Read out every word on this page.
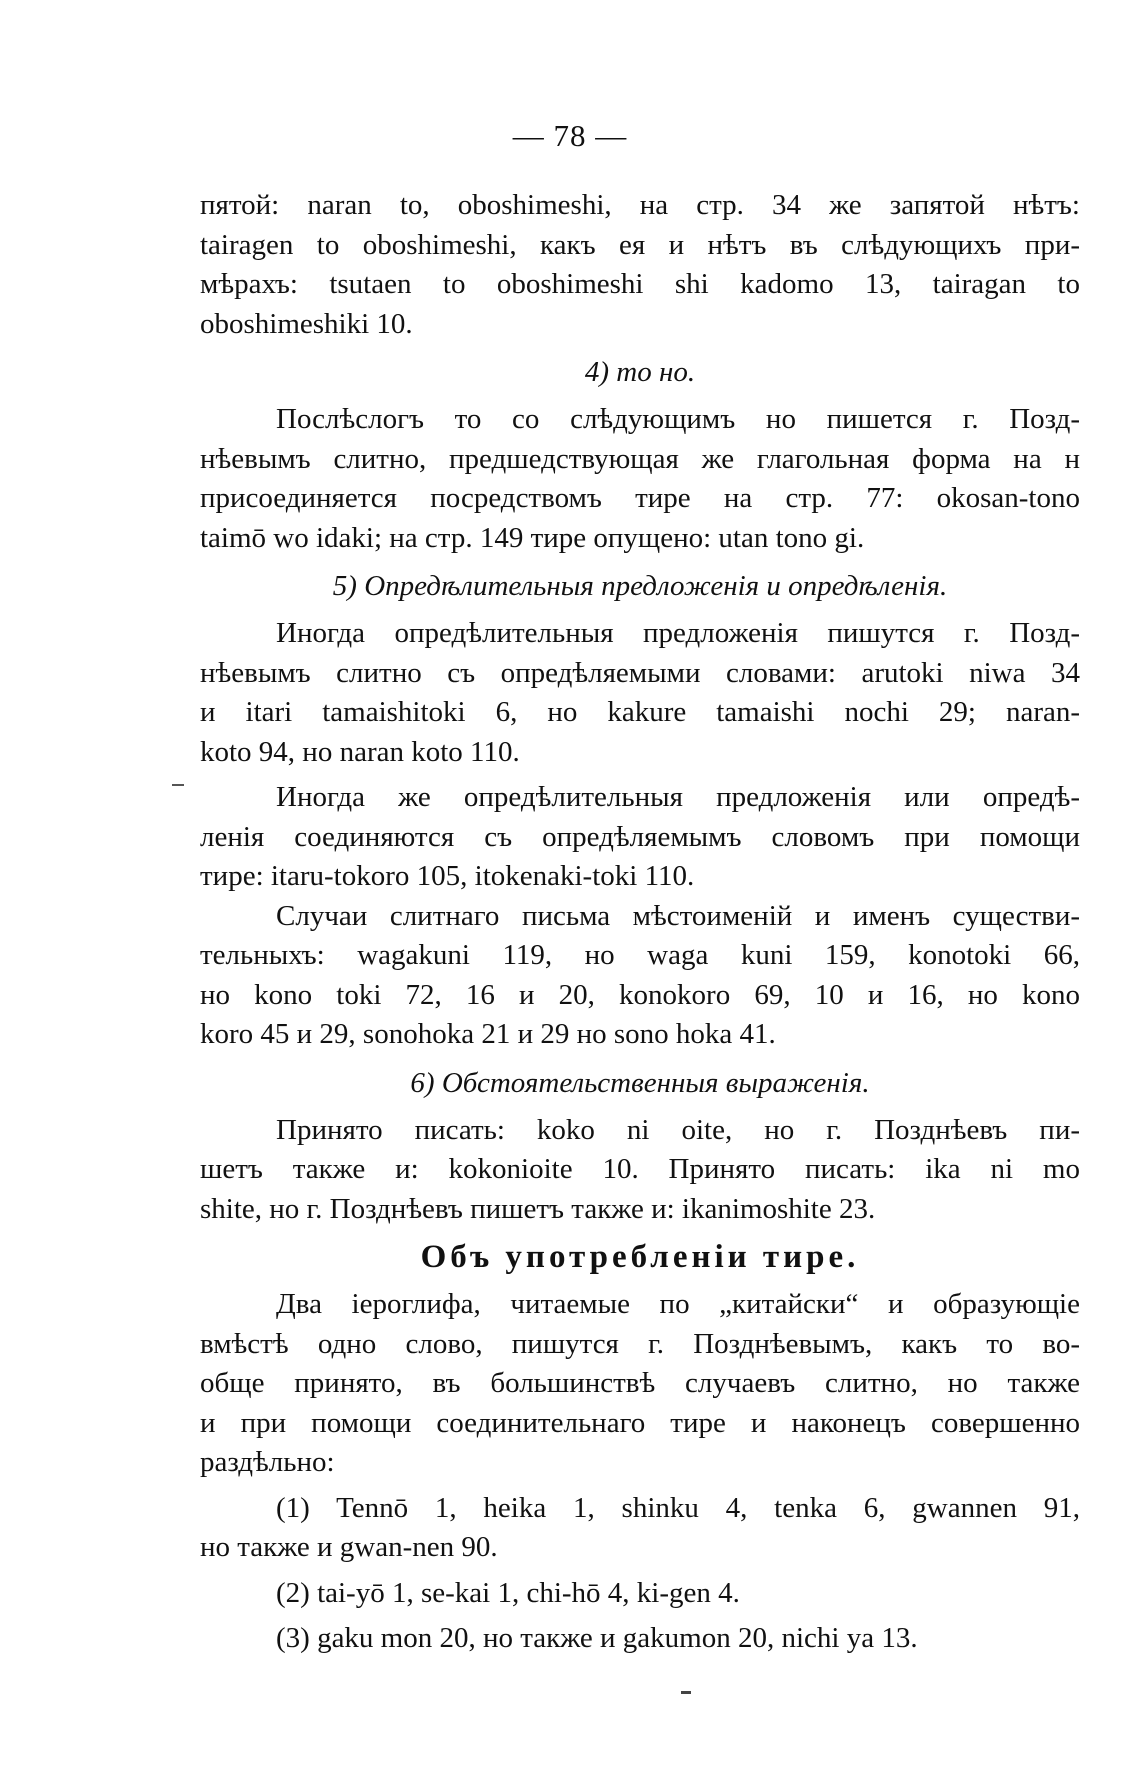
— 78 —
пятой: naran to, oboshimeshi, на стр. 34 же запятой нѣтъ:
tairagen to oboshimeshi, какъ ея и нѣтъ въ слѣдующихъ при-
мѣрахъ: tsutaen to oboshimeshi shi kadomo 13, tairagan to
oboshimeshiki 10.
4) то но.
Послѣслогъ то со слѣдующимъ но пишется г. Позд-
нѣевымъ слитно, предшедствующая же глагольная форма на н
присоединяется посредствомъ тире на стр. 77: okosan-tono
taimō wo idaki; на стр. 149 тире опущено: utan tono gi.
5) Опредѣлительныя предложенія и опредѣленія.
Иногда опредѣлительныя предложенія пишутся г. Позд-
нѣевымъ слитно съ опредѣляемыми словами: arutoki niwa 34
и itari tamaishitoki 6, но kakure tamaishi nochi 29; naran-
koto 94, но naran koto 110.
Иногда же опредѣлительныя предложенія или опредѣ-
ленія соединяются съ опредѣляемымъ словомъ при помощи
тире: itaru-tokoro 105, itokenaki-toki 110.
Случаи слитнаго письма мѣстоименій и именъ существи-
тельныхъ: wagakuni 119, но waga kuni 159, konotoki 66,
но kono toki 72, 16 и 20, konokoro 69, 10 и 16, но kono
koro 45 и 29, sonohoka 21 и 29 но sono hoka 41.
6) Обстоятельственныя выраженія.
Принято писать: koko ni oite, но г. Позднѣевъ пи-
шетъ также и: kokonioite 10. Принято писать: ika ni mo
shite, но г. Позднѣевъ пишетъ также и: ikanimoshite 23.
Объ употребленіи тире.
Два іероглифа, читаемые по „китайски“ и образующіе
вмѣстѣ одно слово, пишутся г. Позднѣевымъ, какъ то во-
обще принято, въ большинствѣ случаевъ слитно, но также
и при помощи соединительнаго тире и наконецъ совершенно
раздѣльно:
(1) Tennō 1, heika 1, shinku 4, tenka 6, gwannen 91,
но также и gwan-nen 90.
(2) tai-yō 1, se-kai 1, chi-hō 4, ki-gen 4.
(3) gaku mon 20, но также и gakumon 20, nichi ya 13.
